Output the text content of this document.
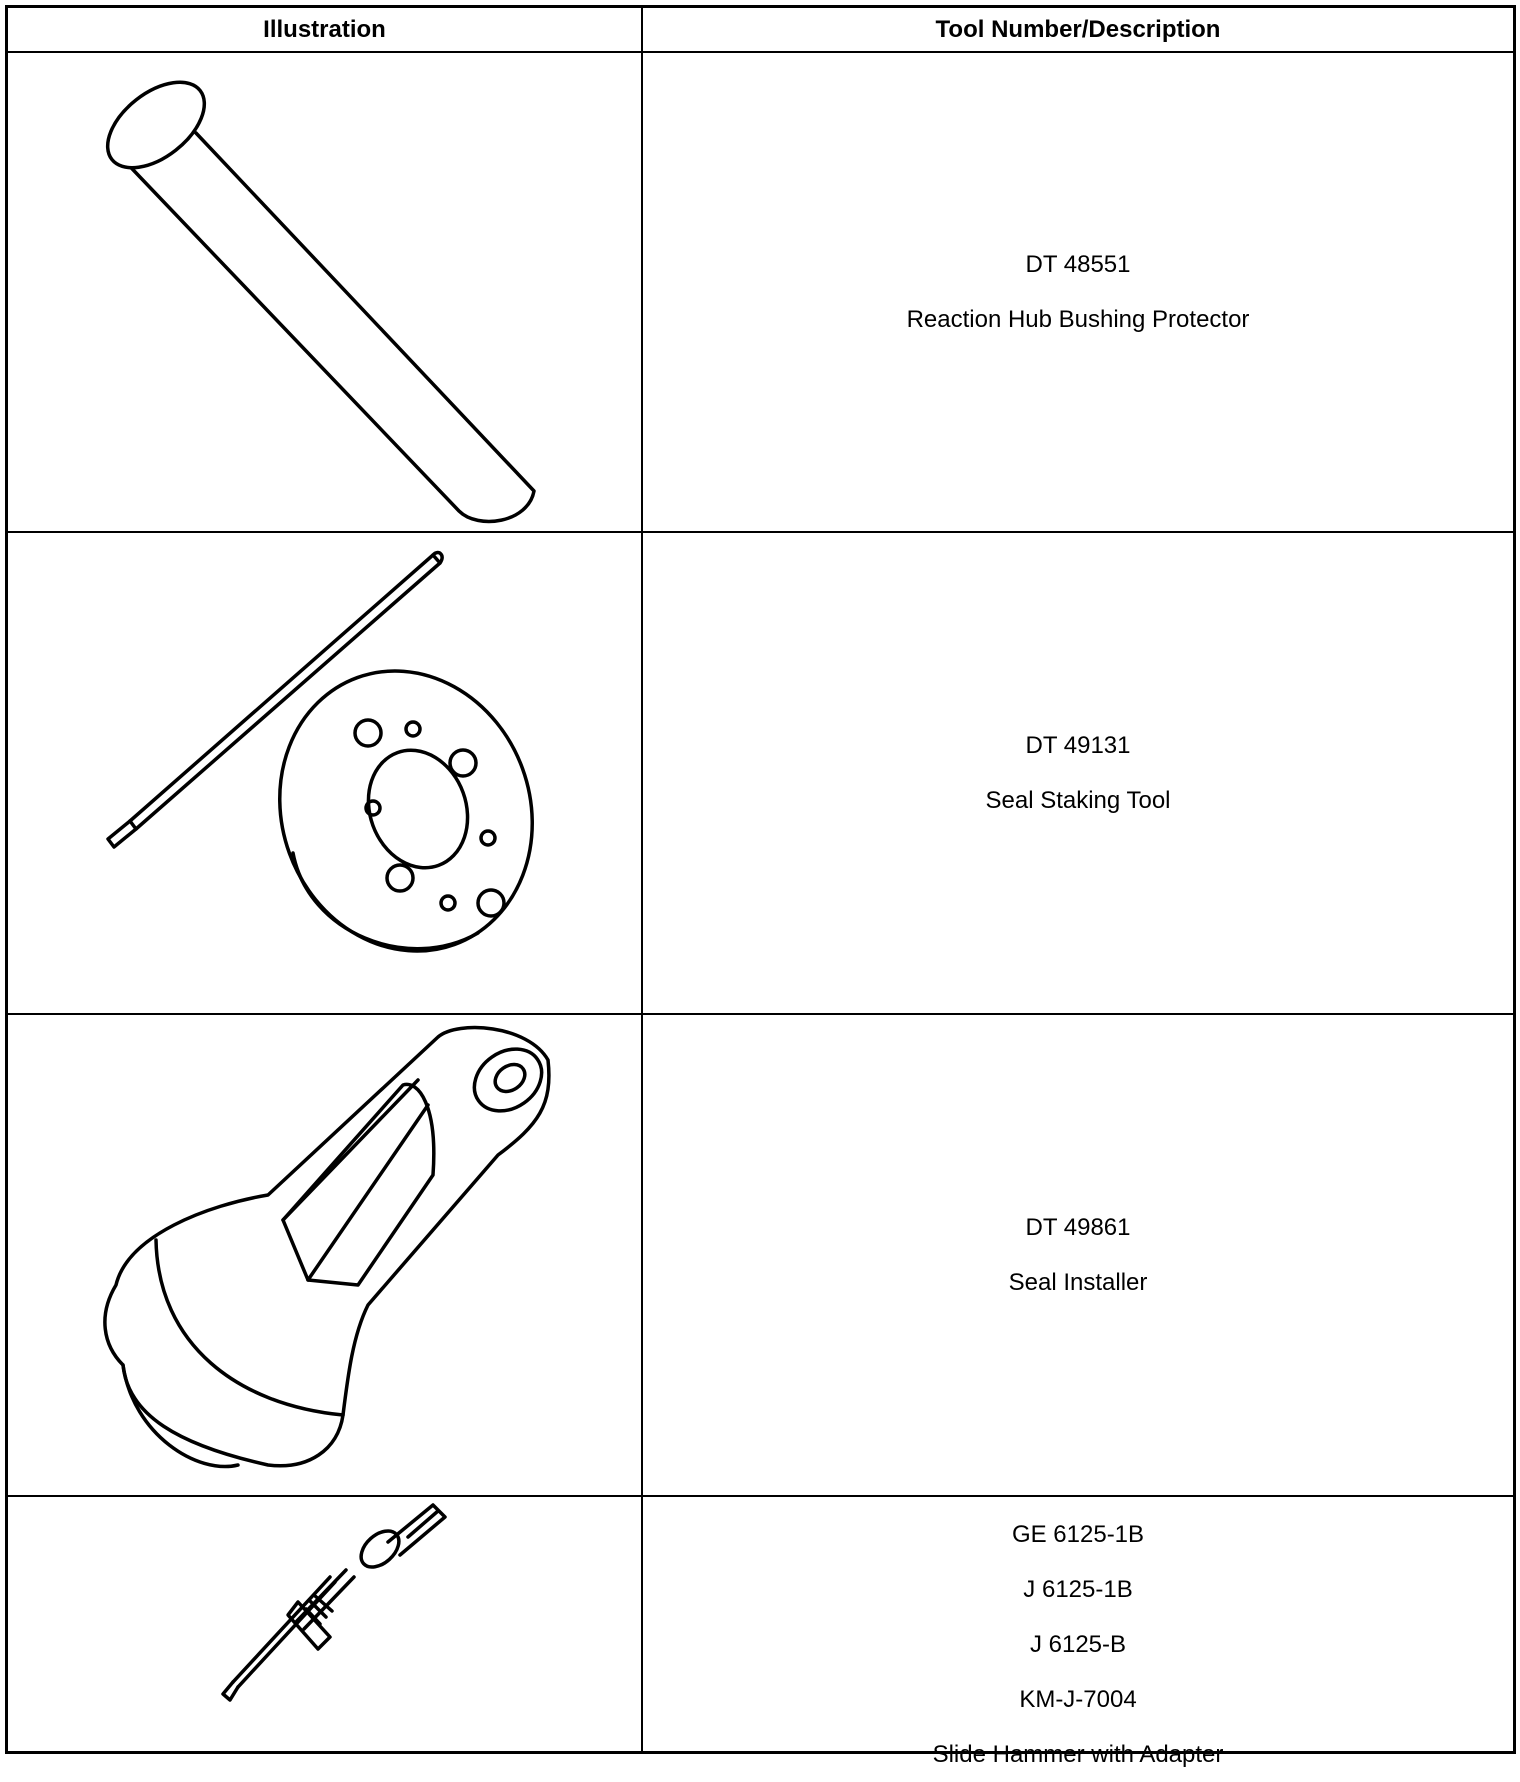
Illustration	Tool Number/Description
DT 48551
Reaction Hub Bushing Protector
DT 49131
Seal Staking Tool
DT 49861
Seal Installer
GE 6125-1B
J 6125-1B
J 6125-B
KM-J-7004
Slide Hammer with Adapter
